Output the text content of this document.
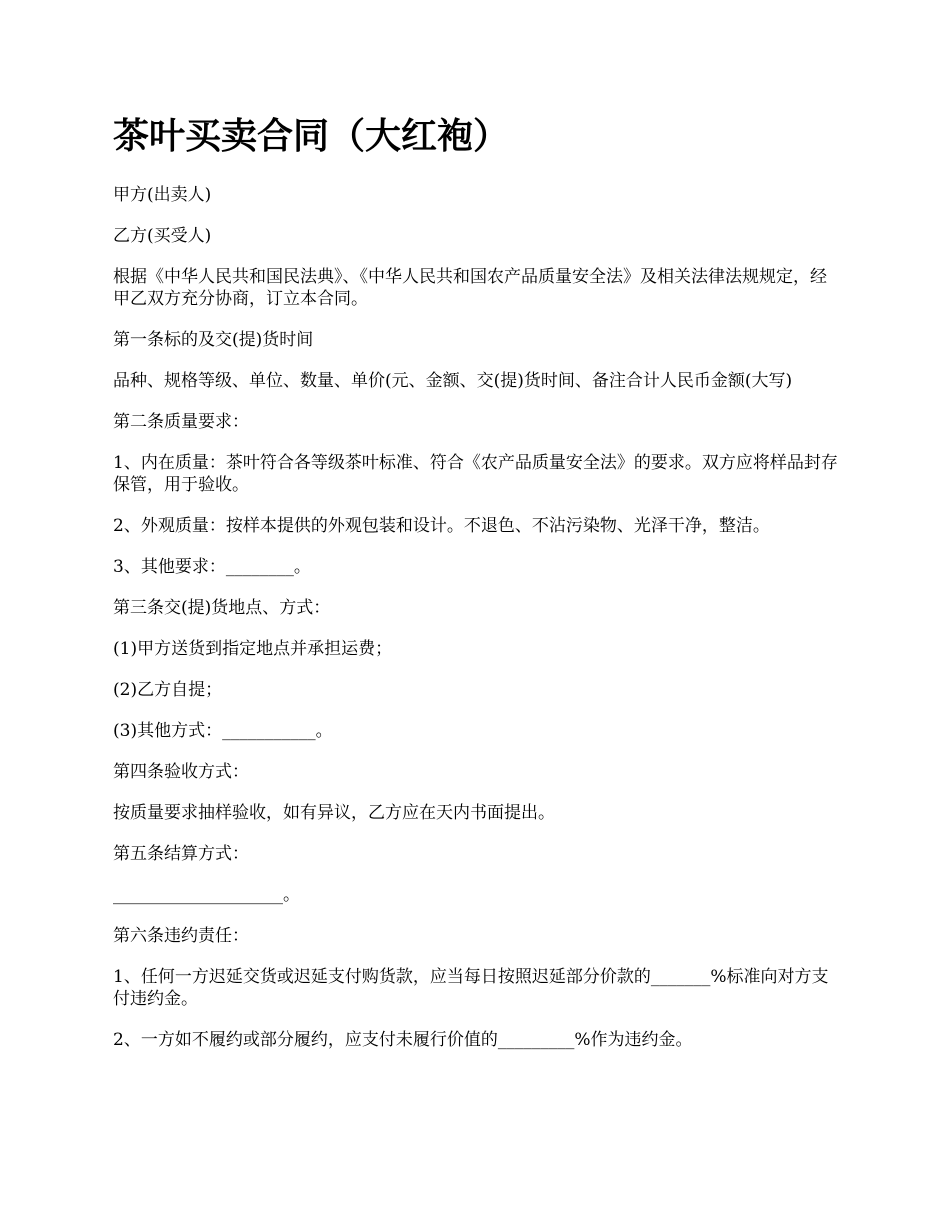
茶叶买卖合同（大红袍）

甲方(出卖人)

乙方(买受人)

根据《中华人民共和国民法典》、《中华人民共和国农产品质量安全法》及相关法律法规规定，经甲乙双方充分协商，订立本合同。

第一条标的及交(提)货时间

品种、规格等级、单位、数量、单价(元、金额、交(提)货时间、备注合计人民币金额(大写)

第二条质量要求：

1、内在质量：茶叶符合各等级茶叶标准、符合《农产品质量安全法》的要求。双方应将样品封存保管，用于验收。

2、外观质量：按样本提供的外观包装和设计。不退色、不沾污染物、光泽干净，整洁。

3、其他要求：________。

第三条交(提)货地点、方式：

(1)甲方送货到指定地点并承担运费；

(2)乙方自提；

(3)其他方式：___________。

第四条验收方式：

按质量要求抽样验收，如有异议，乙方应在天内书面提出。

第五条结算方式：

____________________。

第六条违约责任：

1、任何一方迟延交货或迟延支付购货款，应当每日按照迟延部分价款的_______%标准向对方支付违约金。

2、一方如不履约或部分履约，应支付未履行价值的_________%作为违约金。
